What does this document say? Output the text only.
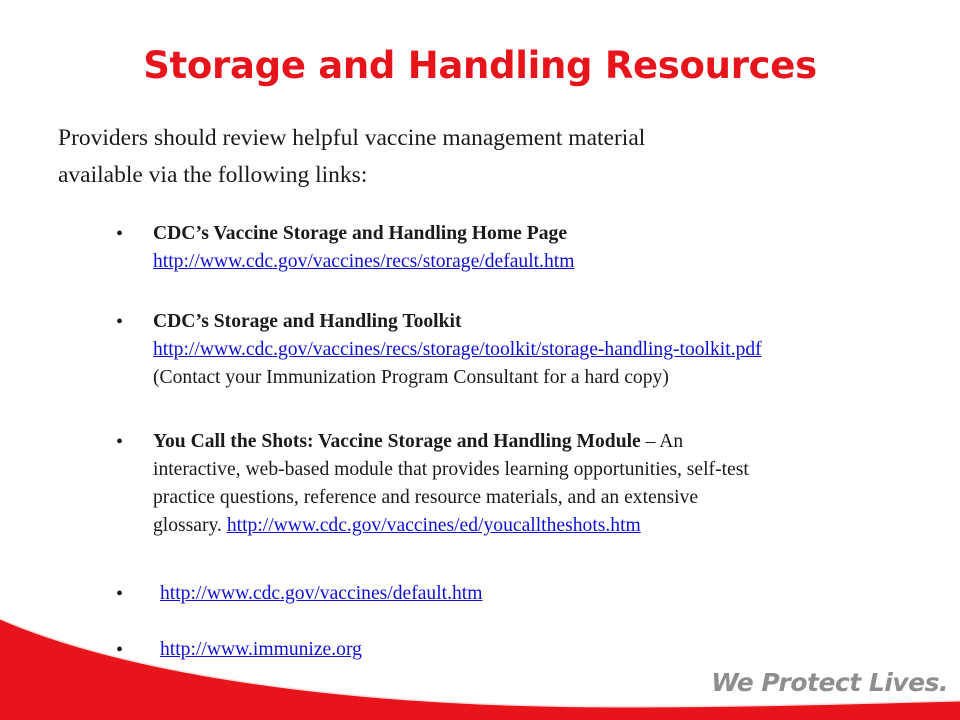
Storage and Handling Resources
Providers should review helpful vaccine management material
available via the following links:
• CDC’s Vaccine Storage and Handling Home Page
http://www.cdc.gov/vaccines/recs/storage/default.htm
• CDC’s Storage and Handling Toolkit
http://www.cdc.gov/vaccines/recs/storage/toolkit/storage-handling-toolkit.pdf
(Contact your Immunization Program Consultant for a hard copy)
• You Call the Shots: Vaccine Storage and Handling Module – An
interactive, web-based module that provides learning opportunities, self-test
practice questions, reference and resource materials, and an extensive
glossary. http://www.cdc.gov/vaccines/ed/youcalltheshots.htm
• http://www.cdc.gov/vaccines/default.htm
• http://www.immunize.org

We Protect Lives.
